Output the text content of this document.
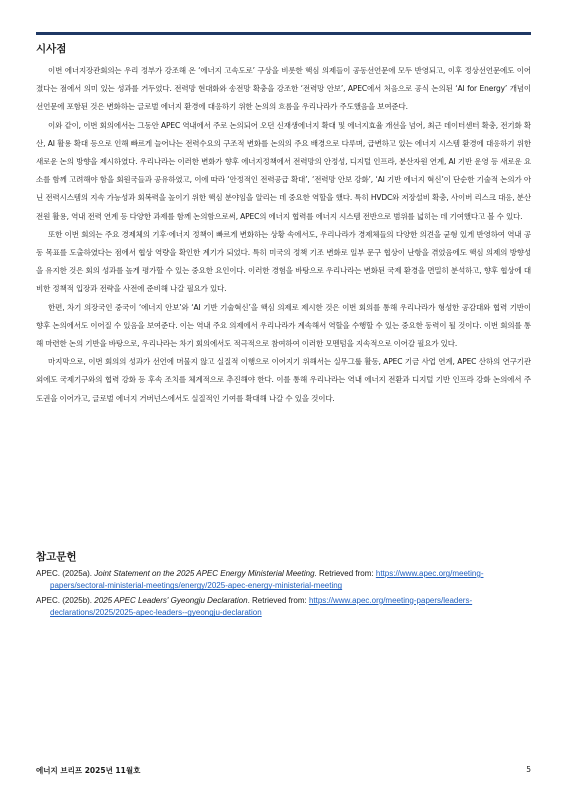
시사점

이번 에너지장관회의는 우리 정부가 강조해 온 ‘에너지 고속도로’ 구상을 비롯한 핵심 의제들이 공동선언문에 모두 반영되고, 이후 정상선언문에도 이어졌다는 점에서 의미 있는 성과를 거두었다. 전력망 현대화와 송전망 확충을 강조한 ‘전력망 안보’, APEC에서 처음으로 공식 논의된 ‘AI for Energy’ 개념이 선언문에 포함된 것은 변화하는 글로벌 에너지 환경에 대응하기 위한 논의의 흐름을 우리나라가 주도했음을 보여준다.

이와 같이, 이번 회의에서는 그동안 APEC 역내에서 주로 논의되어 오던 신재생에너지 확대 및 에너지효율 개선을 넘어, 최근 데이터센터 확충, 전기화 확산, AI 활용 확대 등으로 인해 빠르게 늘어나는 전력수요의 구조적 변화를 논의의 주요 배경으로 다루며, 급변하고 있는 에너지 시스템 환경에 대응하기 위한 새로운 논의 방향을 제시하였다. 우리나라는 이러한 변화가 향후 에너지정책에서 전력망의 안정성, 디지털 인프라, 분산자원 연계, AI 기반 운영 등 새로운 요소를 함께 고려해야 함을 회원국들과 공유하였고, 이에 따라 ‘안정적인 전력공급 확대’, ‘전력망 안보 강화’, ‘AI 기반 에너지 혁신’이 단순한 기술적 논의가 아닌 전력시스템의 지속 가능성과 회복력을 높이기 위한 핵심 분야임을 알리는 데 중요한 역할을 했다. 특히 HVDC와 저장설비 확충, 사이버 리스크 대응, 분산전원 활용, 역내 전력 연계 등 다양한 과제를 함께 논의함으로써, APEC의 에너지 협력를 에너지 시스템 전반으로 범위를 넓히는 데 기여했다고 볼 수 있다.

또한 이번 회의는 주요 경제체의 기후·에너지 정책이 빠르게 변화하는 상황 속에서도, 우리나라가 경제체들의 다양한 의견을 균형 있게 반영하여 역내 공동 목표를 도출하였다는 점에서 협상 역량을 확인한 계기가 되었다. 특히 미국의 정책 기조 변화로 일부 문구 협상이 난항을 겪었음에도 핵심 의제의 방향성을 유지한 것은 회의 성과를 높게 평가할 수 있는 중요한 요인이다. 이러한 경험을 바탕으로 우리나라는 변화된 국제 환경을 면밀히 분석하고, 향후 협상에 대비한 정책적 입장과 전략을 사전에 준비해 나갈 필요가 있다.

한편, 차기 의장국인 중국이 ‘에너지 안보’와 ‘AI 기반 기술혁신’을 핵심 의제로 제시한 것은 이번 회의를 통해 우리나라가 형성한 공감대와 협력 기반이 향후 논의에서도 이어질 수 있음을 보여준다. 이는 역내 주요 의제에서 우리나라가 계속해서 역할을 수행할 수 있는 중요한 동력이 될 것이다. 이번 회의를 통해 마련한 논의 기반을 바탕으로, 우리나라는 차기 회의에서도 적극적으로 참여하여 이러한 모멘텀을 지속적으로 이어갈 필요가 있다.

마지막으로, 이번 회의의 성과가 선언에 머물지 않고 실질적 이행으로 이어지기 위해서는 실무그룹 활동, APEC 기금 사업 연계, APEC 산하의 연구기관 외에도 국제기구와의 협력 강화 등 후속 조치를 체계적으로 추진해야 한다. 이를 통해 우리나라는 역내 에너지 전환과 디지털 기반 인프라 강화 논의에서 주도권을 이어가고, 글로벌 에너지 거버넌스에서도 실질적인 기여를 확대해 나갈 수 있을 것이다.

참고문헌

APEC. (2025a). Joint Statement on the 2025 APEC Energy Ministerial Meeting. Retrieved from: https://www.apec.org/meeting-papers/sectoral-ministerial-meetings/energy/2025-apec-energy-ministerial-meeting

APEC. (2025b). 2025 APEC Leaders' Gyeongju Declaration. Retrieved from: https://www.apec.org/meeting-papers/leaders-declarations/2025/2025-apec-leaders--gyeongju-declaration

에너지 브리프 2025년 11월호	5
